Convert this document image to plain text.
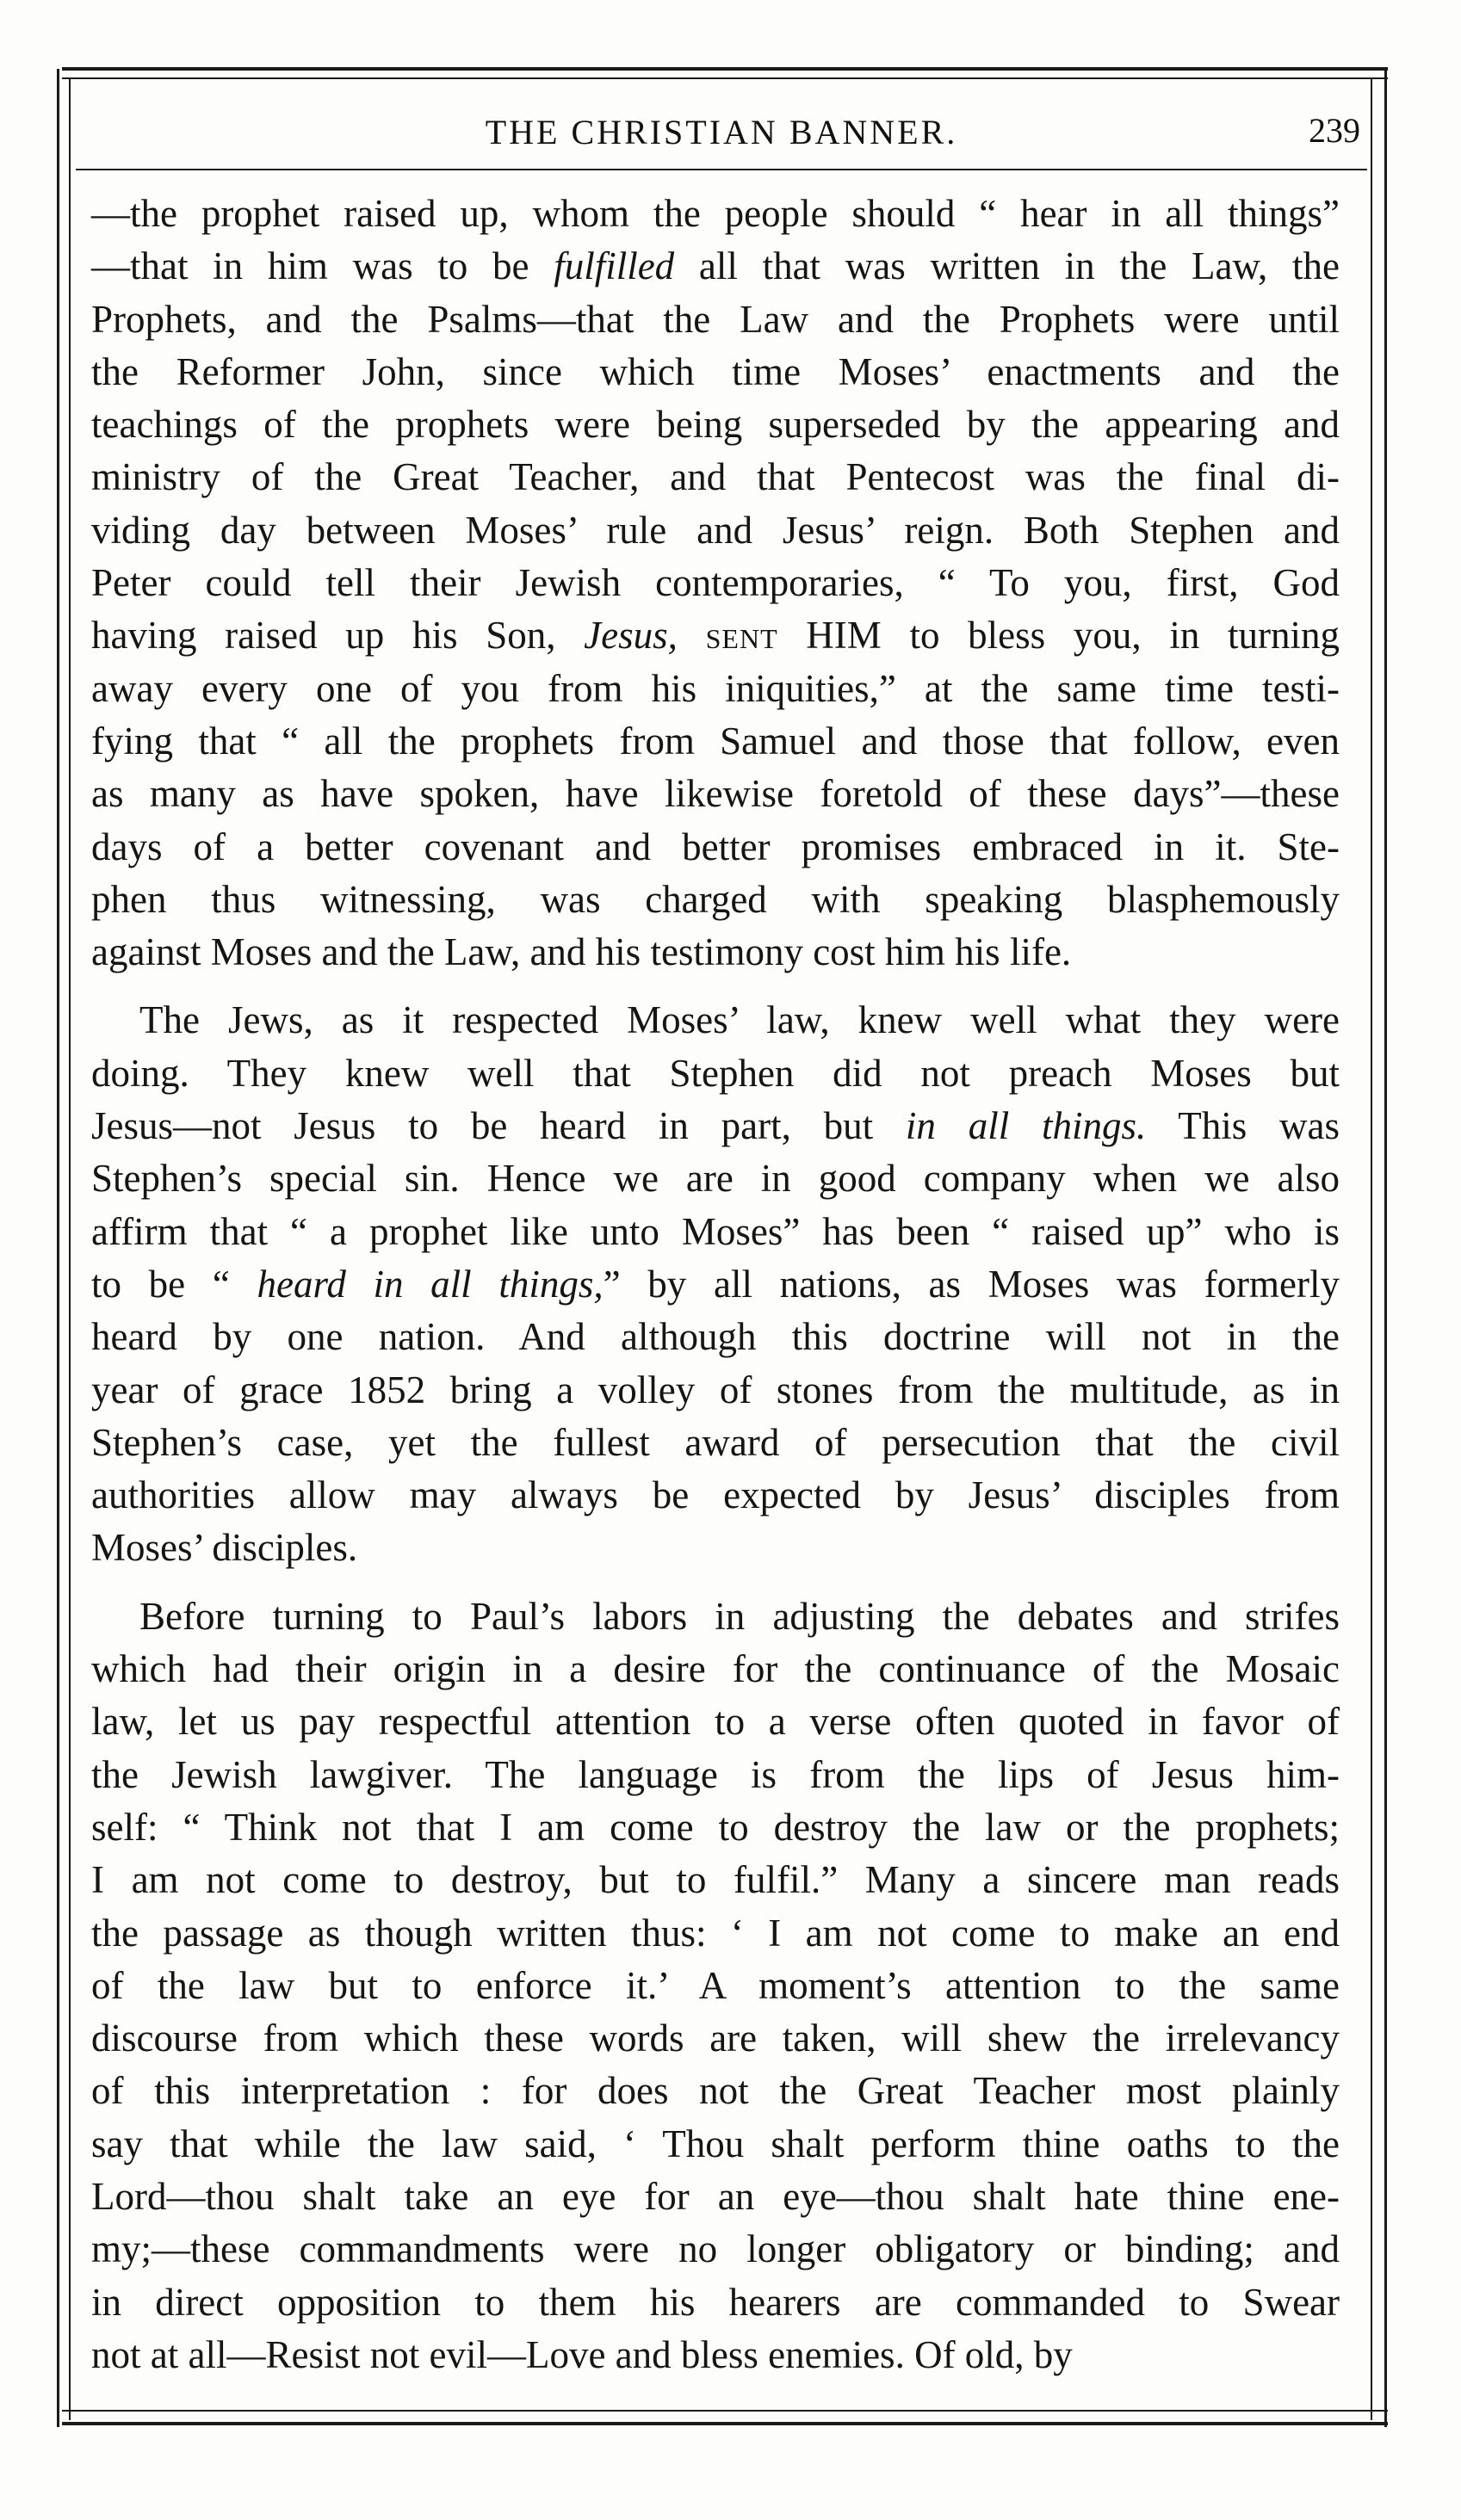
THE CHRISTIAN BANNER.	239
—the prophet raised up, whom the people should “ hear in all things”
—that in him was to be fulfilled all that was written in the Law, the
Prophets, and the Psalms—that the Law and the Prophets were until
the Reformer John, since which time Moses’ enactments and the
teachings of the prophets were being superseded by the appearing and
ministry of the Great Teacher, and that Pentecost was the final di-
viding day between Moses’ rule and Jesus’ reign. Both Stephen and
Peter could tell their Jewish contemporaries, “ To you, first, God
having raised up his Son, Jesus, sent HIM to bless you, in turning
away every one of you from his iniquities,” at the same time testi-
fying that “ all the prophets from Samuel and those that follow, even
as many as have spoken, have likewise foretold of these days”—these
days of a better covenant and better promises embraced in it. Ste-
phen thus witnessing, was charged with speaking blasphemously
against Moses and the Law, and his testimony cost him his life.
The Jews, as it respected Moses’ law, knew well what they were
doing. They knew well that Stephen did not preach Moses but
Jesus—not Jesus to be heard in part, but in all things. This was
Stephen’s special sin. Hence we are in good company when we also
affirm that “ a prophet like unto Moses” has been “ raised up” who is
to be “ heard in all things,” by all nations, as Moses was formerly
heard by one nation. And although this doctrine will not in the
year of grace 1852 bring a volley of stones from the multitude, as in
Stephen’s case, yet the fullest award of persecution that the civil
authorities allow may always be expected by Jesus’ disciples from
Moses’ disciples.
Before turning to Paul’s labors in adjusting the debates and strifes
which had their origin in a desire for the continuance of the Mosaic
law, let us pay respectful attention to a verse often quoted in favor of
the Jewish lawgiver. The language is from the lips of Jesus him-
self: “ Think not that I am come to destroy the law or the prophets;
I am not come to destroy, but to fulfil.” Many a sincere man reads
the passage as though written thus: ‘ I am not come to make an end
of the law but to enforce it.’ A moment’s attention to the same
discourse from which these words are taken, will shew the irrelevancy
of this interpretation : for does not the Great Teacher most plainly
say that while the law said, ‘ Thou shalt perform thine oaths to the
Lord—thou shalt take an eye for an eye—thou shalt hate thine ene-
my;—these commandments were no longer obligatory or binding; and
in direct opposition to them his hearers are commanded to Swear
not at all—Resist not evil—Love and bless enemies. Of old, by
